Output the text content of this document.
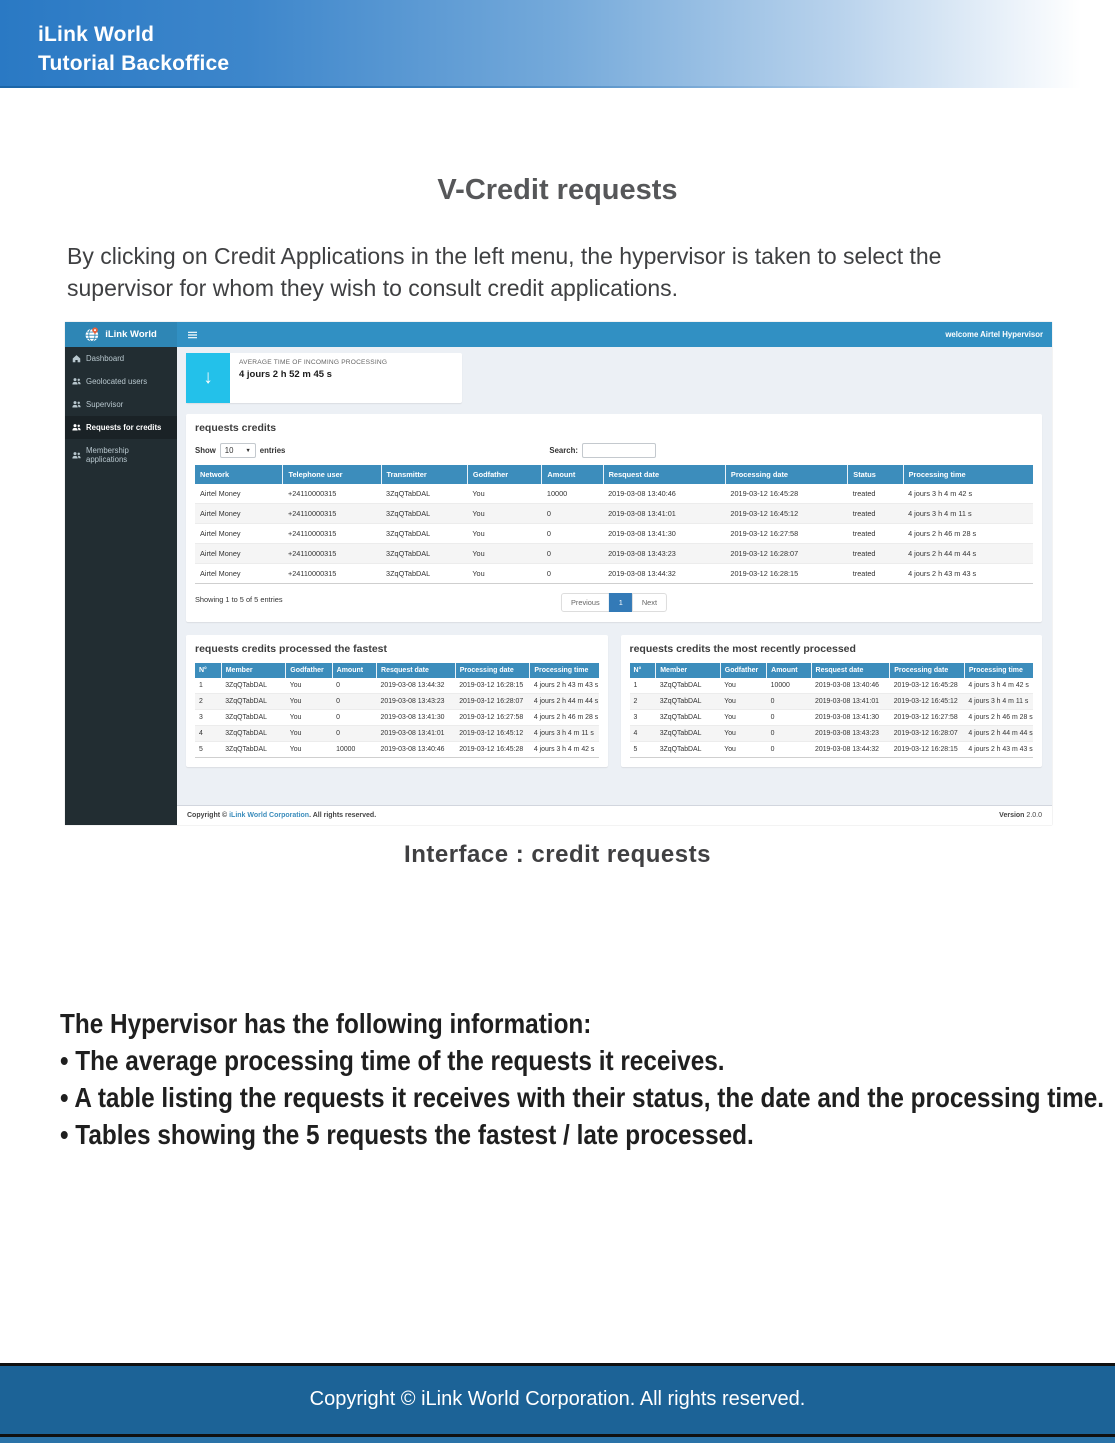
iLink World
Tutorial Backoffice
V-Credit requests

By clicking on Credit Applications in the left menu, the hypervisor is taken to select the supervisor for whom they wish to consult credit applications.

iLink World	welcome Airtel Hypervisor
Dashboard
Geolocated users
Supervisor
Requests for credits
Membership applications
↓
AVERAGE TIME OF INCOMING PROCESSING
4 jours 2 h 52 m 45 s
requests credits
Show 10 ▼ entries	Search:
Network	Telephone user	Transmitter	Godfather	Amount	Resquest date	Processing date	Status	Processing time
Airtel Money	+24110000315	3ZqQTabDAL	You	10000	2019-03-08 13:40:46	2019-03-12 16:45:28	treated	4 jours 3 h 4 m 42 s
Airtel Money	+24110000315	3ZqQTabDAL	You	0	2019-03-08 13:41:01	2019-03-12 16:45:12	treated	4 jours 3 h 4 m 11 s
Airtel Money	+24110000315	3ZqQTabDAL	You	0	2019-03-08 13:41:30	2019-03-12 16:27:58	treated	4 jours 2 h 46 m 28 s
Airtel Money	+24110000315	3ZqQTabDAL	You	0	2019-03-08 13:43:23	2019-03-12 16:28:07	treated	4 jours 2 h 44 m 44 s
Airtel Money	+24110000315	3ZqQTabDAL	You	0	2019-03-08 13:44:32	2019-03-12 16:28:15	treated	4 jours 2 h 43 m 43 s
Showing 1 to 5 of 5 entries	Previous	1	Next
requests credits processed the fastest
N°	Member	Godfather	Amount	Resquest date	Processing date	Processing time
1	3ZqQTabDAL	You	0	2019-03-08 13:44:32	2019-03-12 16:28:15	4 jours 2 h 43 m 43 s
2	3ZqQTabDAL	You	0	2019-03-08 13:43:23	2019-03-12 16:28:07	4 jours 2 h 44 m 44 s
3	3ZqQTabDAL	You	0	2019-03-08 13:41:30	2019-03-12 16:27:58	4 jours 2 h 46 m 28 s
4	3ZqQTabDAL	You	0	2019-03-08 13:41:01	2019-03-12 16:45:12	4 jours 3 h 4 m 11 s
5	3ZqQTabDAL	You	10000	2019-03-08 13:40:46	2019-03-12 16:45:28	4 jours 3 h 4 m 42 s
requests credits the most recently processed
N°	Member	Godfather	Amount	Resquest date	Processing date	Processing time
1	3ZqQTabDAL	You	10000	2019-03-08 13:40:46	2019-03-12 16:45:28	4 jours 3 h 4 m 42 s
2	3ZqQTabDAL	You	0	2019-03-08 13:41:01	2019-03-12 16:45:12	4 jours 3 h 4 m 11 s
3	3ZqQTabDAL	You	0	2019-03-08 13:41:30	2019-03-12 16:27:58	4 jours 2 h 46 m 28 s
4	3ZqQTabDAL	You	0	2019-03-08 13:43:23	2019-03-12 16:28:07	4 jours 2 h 44 m 44 s
5	3ZqQTabDAL	You	0	2019-03-08 13:44:32	2019-03-12 16:28:15	4 jours 2 h 43 m 43 s
Copyright © iLink World Corporation. All rights reserved.	Version 2.0.0
Interface : credit requests
The Hypervisor has the following information:
• The average processing time of the requests it receives.
• A table listing the requests it receives with their status, the date and the processing time.
• Tables showing the 5 requests the fastest / late processed.
Copyright © iLink World Corporation. All rights reserved.
